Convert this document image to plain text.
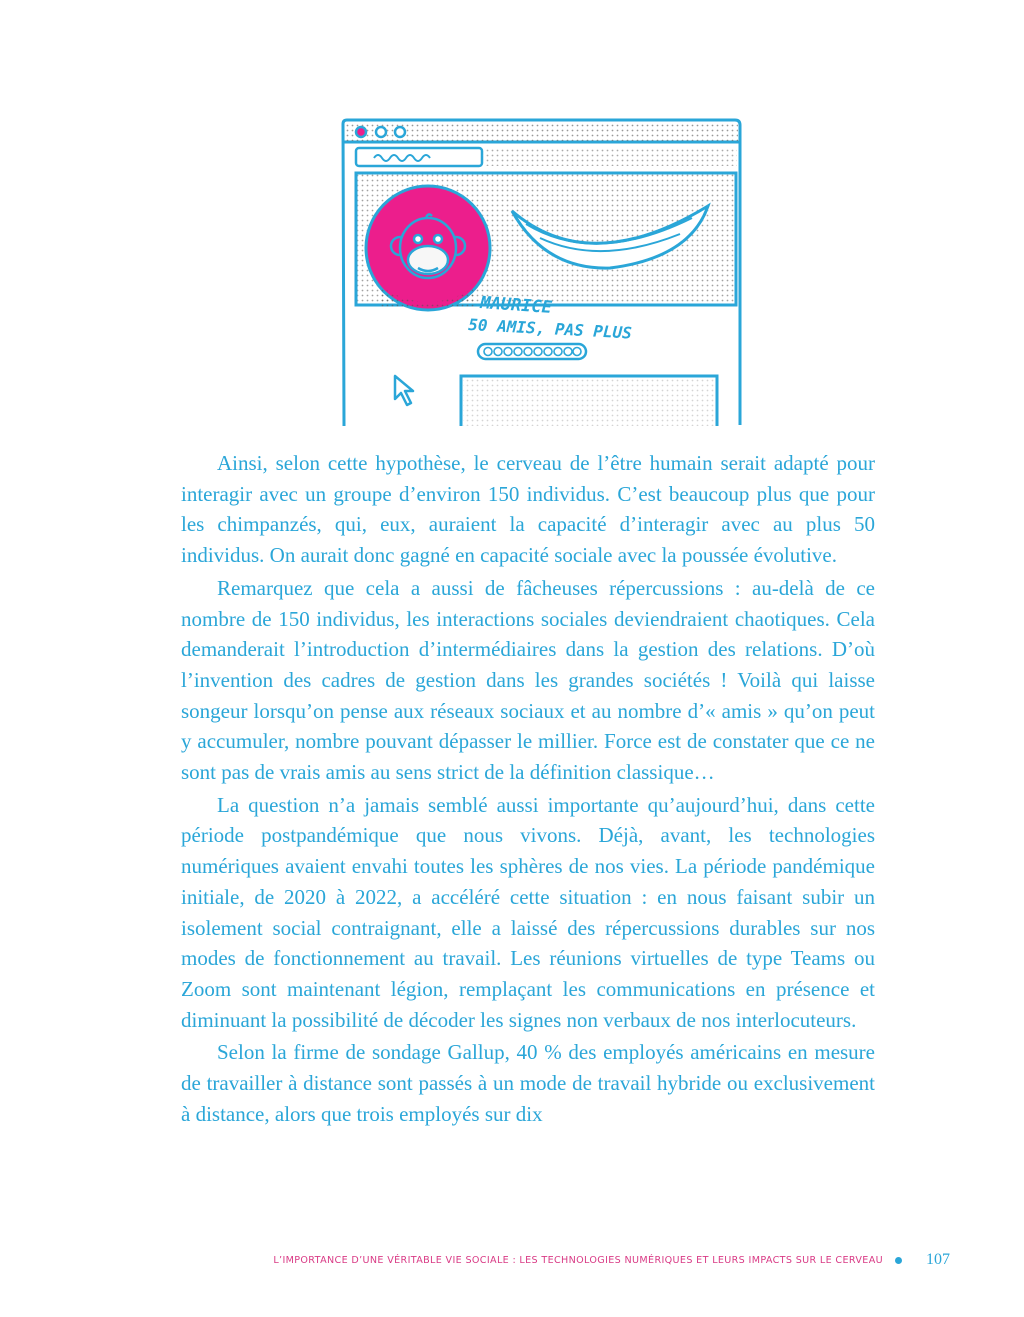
MAURICE
50 AMIS, PAS PLUS

Ainsi, selon cette hypothèse, le cerveau de l’être humain serait adapté pour interagir avec un groupe d’environ 150 individus. C’est beaucoup plus que pour les chimpanzés, qui, eux, auraient la capacité d’interagir avec au plus 50 individus. On aurait donc gagné en capacité sociale avec la poussée évolutive.

Remarquez que cela a aussi de fâcheuses répercussions : au-delà de ce nombre de 150 individus, les interactions sociales deviendraient chaotiques. Cela demanderait l’introduction d’intermédiaires dans la gestion des relations. D’où l’invention des cadres de gestion dans les grandes sociétés ! Voilà qui laisse songeur lorsqu’on pense aux réseaux sociaux et au nombre d’« amis » qu’on peut y accumuler, nombre pouvant dépasser le millier. Force est de constater que ce ne sont pas de vrais amis au sens strict de la définition classique…

La question n’a jamais semblé aussi importante qu’aujourd’hui, dans cette période postpandémique que nous vivons. Déjà, avant, les technologies numériques avaient envahi toutes les sphères de nos vies. La période pandémique initiale, de 2020 à 2022, a accéléré cette situation : en nous faisant subir un isolement social contraignant, elle a laissé des répercussions durables sur nos modes de fonctionnement au travail. Les réunions virtuelles de type Teams ou Zoom sont maintenant légion, remplaçant les communications en présence et diminuant la possibilité de décoder les signes non verbaux de nos interlocuteurs.

Selon la firme de sondage Gallup, 40 % des employés américains en mesure de travailler à distance sont passés à un mode de travail hybride ou exclusivement à distance, alors que trois employés sur dix

L’IMPORTANCE D’UNE VÉRITABLE VIE SOCIALE : LES TECHNOLOGIES NUMÉRIQUES ET LEURS IMPACTS SUR LE CERVEAU	107
